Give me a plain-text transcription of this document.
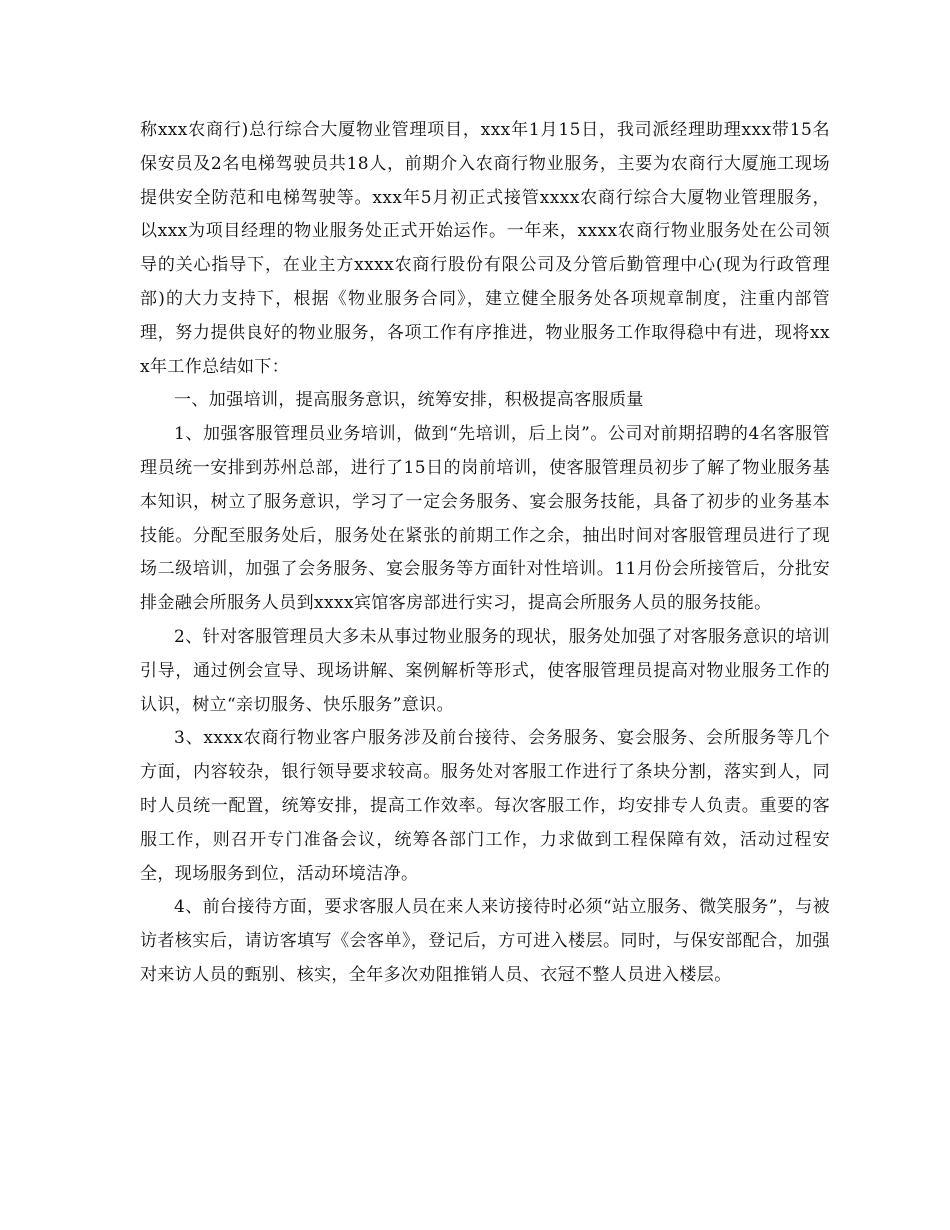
称xxx农商行)总行综合大厦物业管理项目，xxx年1月15日，我司派经理助理xxx带15名保安员及2名电梯驾驶员共18人，前期介入农商行物业服务，主要为农商行大厦施工现场提供安全防范和电梯驾驶等。xxx年5月初正式接管xxxx农商行综合大厦物业管理服务，以xxx为项目经理的物业服务处正式开始运作。一年来，xxxx农商行物业服务处在公司领导的关心指导下，在业主方xxxx农商行股份有限公司及分管后勤管理中心(现为行政管理部)的大力支持下，根据《物业服务合同》，建立健全服务处各项规章制度，注重内部管理，努力提供良好的物业服务，各项工作有序推进，物业服务工作取得稳中有进，现将xxx年工作总结如下：

一、加强培训，提高服务意识，统筹安排，积极提高客服质量

1、加强客服管理员业务培训，做到“先培训，后上岗”。公司对前期招聘的4名客服管理员统一安排到苏州总部，进行了15日的岗前培训，使客服管理员初步了解了物业服务基本知识，树立了服务意识，学习了一定会务服务、宴会服务技能，具备了初步的业务基本技能。分配至服务处后，服务处在紧张的前期工作之余，抽出时间对客服管理员进行了现场二级培训，加强了会务服务、宴会服务等方面针对性培训。11月份会所接管后，分批安排金融会所服务人员到xxxx宾馆客房部进行实习，提高会所服务人员的服务技能。

2、针对客服管理员大多未从事过物业服务的现状，服务处加强了对客服务意识的培训引导，通过例会宣导、现场讲解、案例解析等形式，使客服管理员提高对物业服务工作的认识，树立“亲切服务、快乐服务”意识。

3、xxxx农商行物业客户服务涉及前台接待、会务服务、宴会服务、会所服务等几个方面，内容较杂，银行领导要求较高。服务处对客服工作进行了条块分割，落实到人，同时人员统一配置，统筹安排，提高工作效率。每次客服工作，均安排专人负责。重要的客服工作，则召开专门准备会议，统筹各部门工作，力求做到工程保障有效，活动过程安全，现场服务到位，活动环境洁净。

4、前台接待方面，要求客服人员在来人来访接待时必须“站立服务、微笑服务”，与被访者核实后，请访客填写《会客单》，登记后，方可进入楼层。同时，与保安部配合，加强对来访人员的甄别、核实，全年多次劝阻推销人员、衣冠不整人员进入楼层。
